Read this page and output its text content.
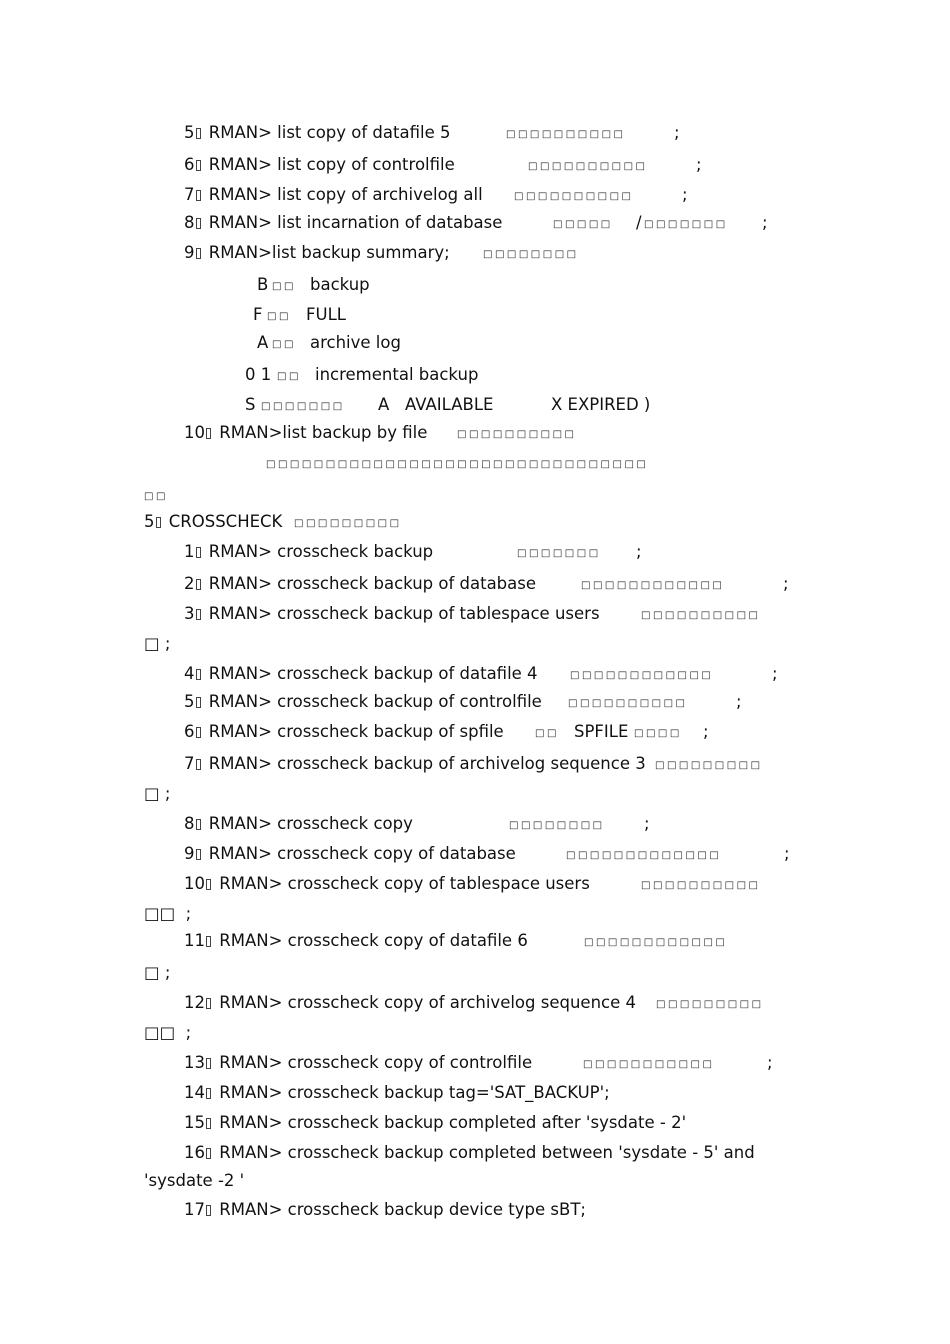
5 RMAN> list copy of datafile 5	□□□□□□□□□□	;
6 RMAN> list copy of controlfile	□□□□□□□□□□	;
7 RMAN> list copy of archivelog all	□□□□□□□□□□	;
8 RMAN> list incarnation of database	□□□□□ / □□□□□□□ ;
9 RMAN>list backup summary;	□□□□□□□□
B □□ backup
F □□ FULL
A □□ archive log
0 1 □□ incremental backup
S □□□□□□□ A   AVAILABLE	X EXPIRED )
10 RMAN>list backup by file	□□□□□□□□□□
□□□□□□□□□□□□□□□□□□□□□□□□□□□□□□□□
□□
5 CROSSCHECK □□□□□□□□□
1 RMAN> crosscheck backup	□□□□□□□ ;
2 RMAN> crosscheck backup of database	□□□□□□□□□□□□	;
3 RMAN> crosscheck backup of tablespace users	□□□□□□□□□□
□ ;
4 RMAN> crosscheck backup of datafile 4	□□□□□□□□□□□□	;
5 RMAN> crosscheck backup of controlfile	□□□□□□□□□□	;
6 RMAN> crosscheck backup of spfile	□□ SPFILE □□□□ ;
7 RMAN> crosscheck backup of archivelog sequence 3 □□□□□□□□□
□ ;
8 RMAN> crosscheck copy	□□□□□□□□ ;
9 RMAN> crosscheck copy of database	□□□□□□□□□□□□□	;
10 RMAN> crosscheck copy of tablespace users	□□□□□□□□□□
□□  ;
11 RMAN> crosscheck copy of datafile 6	□□□□□□□□□□□□
□ ;
12 RMAN> crosscheck copy of archivelog sequence 4 □□□□□□□□□
□□  ;
13 RMAN> crosscheck copy of controlfile	□□□□□□□□□□□	;
14 RMAN> crosscheck backup tag='SAT_BACKUP';
15 RMAN> crosscheck backup completed after 'sysdate - 2'
16 RMAN> crosscheck backup completed between 'sysdate - 5' and
'sysdate -2 '
17 RMAN> crosscheck backup device type sBT;
